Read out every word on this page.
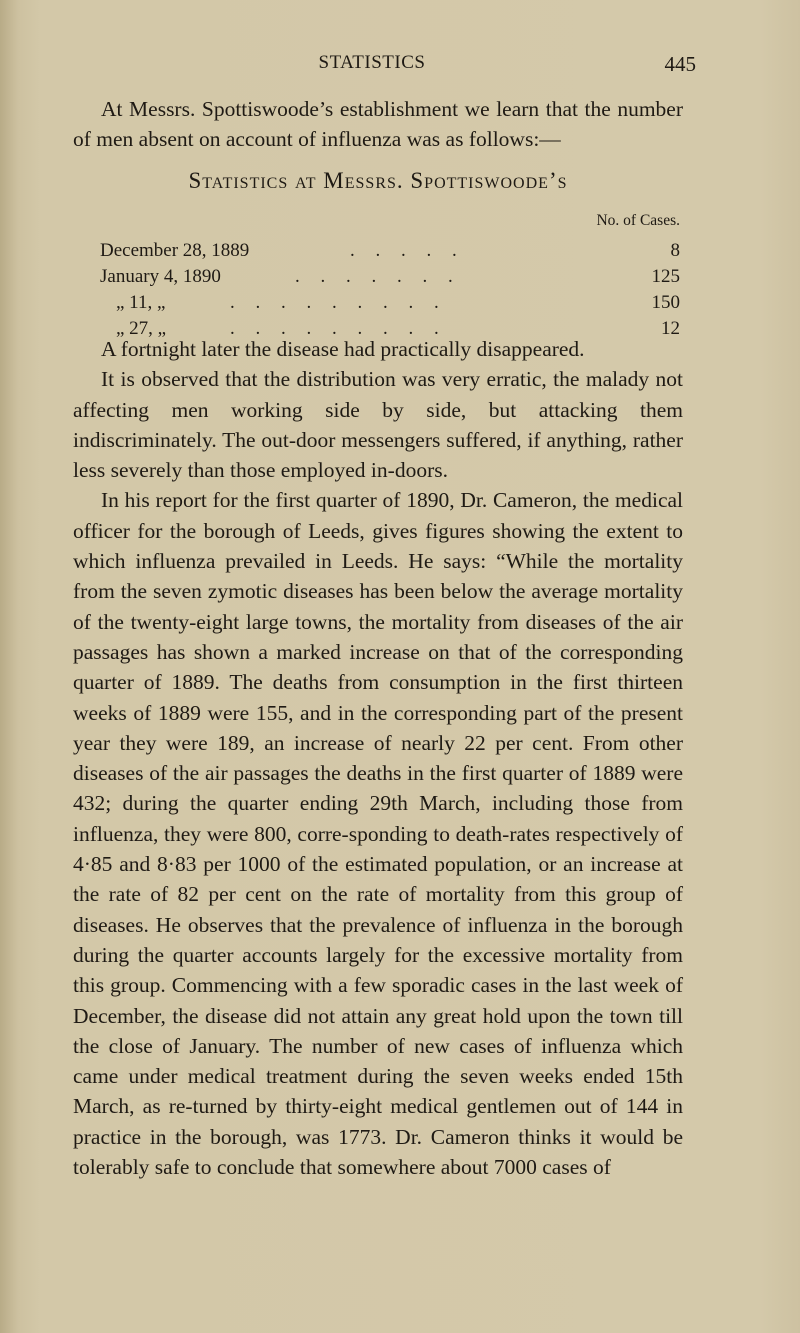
STATISTICS	445

At Messrs. Spottiswoode’s establishment we learn that the number of men absent on account of influenza was as follows:—

Statistics at Messrs. Spottiswoode’s
No. of Cases.
December 28, 1889	. . . . .	8
January 4, 1890	. . . . . . .	125
„ 11, „	. . . . . . . . .	150
„ 27, „	. . . . . . . . .	12

A fortnight later the disease had practically disappeared.

It is observed that the distribution was very erratic, the malady not affecting men working side by side, but attacking them indiscriminately. The out-door messengers suffered, if anything, rather less severely than those employed in-doors.

In his report for the first quarter of 1890, Dr. Cameron, the medical officer for the borough of Leeds, gives figures showing the extent to which influenza prevailed in Leeds. He says: “While the mortality from the seven zymotic diseases has been below the average mortality of the twenty-eight large towns, the mortality from diseases of the air passages has shown a marked increase on that of the corresponding quarter of 1889. The deaths from consumption in the first thirteen weeks of 1889 were 155, and in the corresponding part of the present year they were 189, an increase of nearly 22 per cent. From other diseases of the air passages the deaths in the first quarter of 1889 were 432; during the quarter ending 29th March, including those from influenza, they were 800, corre-sponding to death-rates respectively of 4·85 and 8·83 per 1000 of the estimated population, or an increase at the rate of 82 per cent on the rate of mortality from this group of diseases. He observes that the prevalence of influenza in the borough during the quarter accounts largely for the excessive mortality from this group. Commencing with a few sporadic cases in the last week of December, the disease did not attain any great hold upon the town till the close of January. The number of new cases of influenza which came under medical treatment during the seven weeks ended 15th March, as re-turned by thirty-eight medical gentlemen out of 144 in practice in the borough, was 1773. Dr. Cameron thinks it would be tolerably safe to conclude that somewhere about 7000 cases of
